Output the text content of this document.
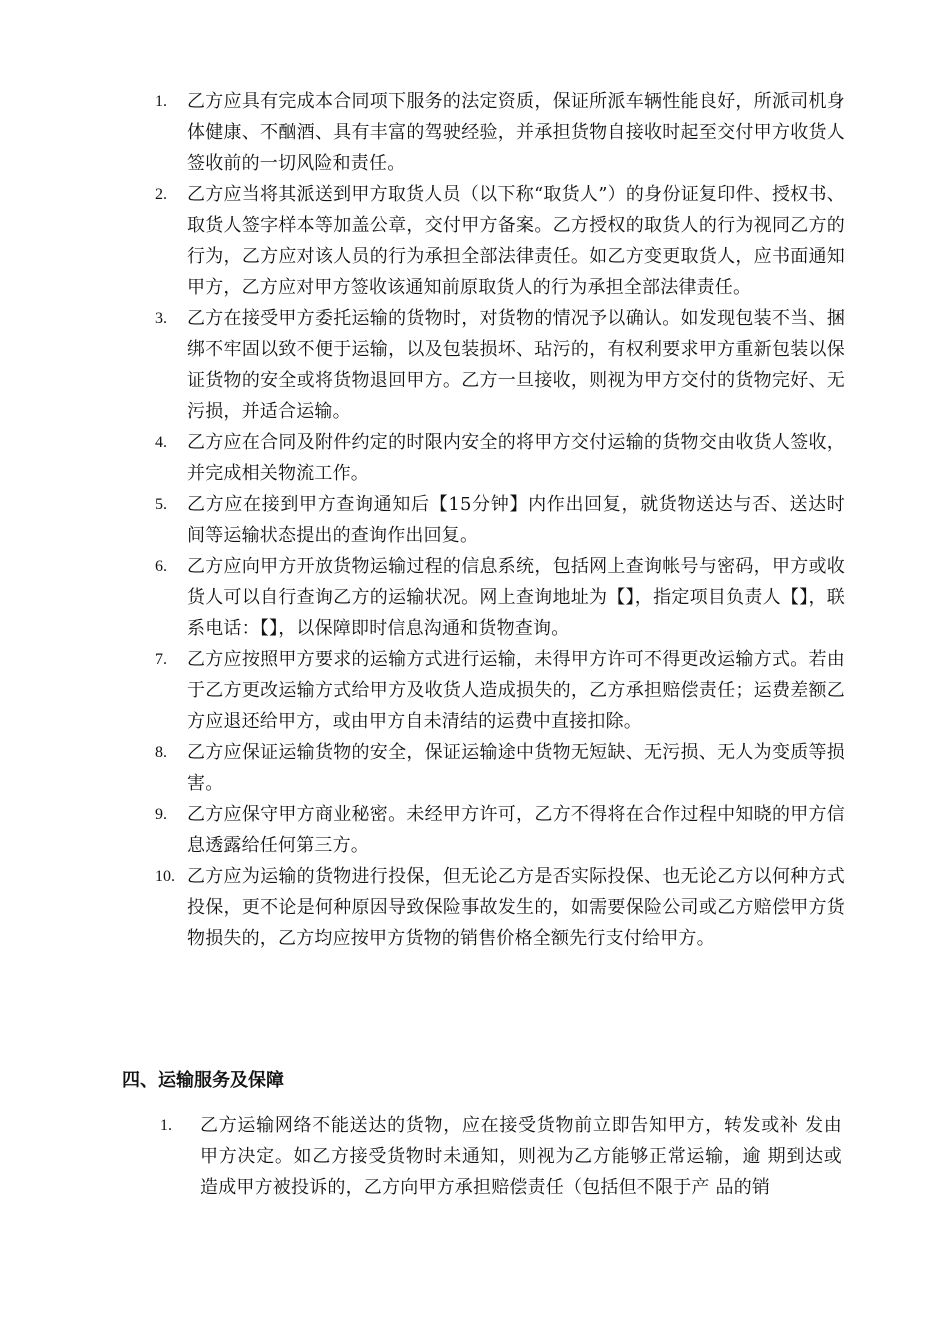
1.	乙方应具有完成本合同项下服务的法定资质，保证所派车辆性能良好，所派司机身体健康、不酗酒、具有丰富的驾驶经验，并承担货物自接收时起至交付甲方收货人签收前的一切风险和责任。
2.	乙方应当将其派送到甲方取货人员（以下称“取货人”）的身份证复印件、授权书、取货人签字样本等加盖公章，交付甲方备案。乙方授权的取货人的行为视同乙方的行为，乙方应对该人员的行为承担全部法律责任。如乙方变更取货人，应书面通知甲方，乙方应对甲方签收该通知前原取货人的行为承担全部法律责任。
3.	乙方在接受甲方委托运输的货物时，对货物的情况予以确认。如发现包装不当、捆绑不牢固以致不便于运输，以及包装损坏、玷污的，有权利要求甲方重新包装以保证货物的安全或将货物退回甲方。乙方一旦接收，则视为甲方交付的货物完好、无污损，并适合运输。
4.	乙方应在合同及附件约定的时限内安全的将甲方交付运输的货物交由收货人签收，并完成相关物流工作。
5.	乙方应在接到甲方查询通知后【15分钟】内作出回复，就货物送达与否、送达时间等运输状态提出的查询作出回复。
6.	乙方应向甲方开放货物运输过程的信息系统，包括网上查询帐号与密码，甲方或收货人可以自行查询乙方的运输状况。网上查询地址为【】，指定项目负责人【】，联系电话：【】，以保障即时信息沟通和货物查询。
7.	乙方应按照甲方要求的运输方式进行运输，未得甲方许可不得更改运输方式。若由于乙方更改运输方式给甲方及收货人造成损失的，乙方承担赔偿责任；运费差额乙方应退还给甲方，或由甲方自未清结的运费中直接扣除。
8.	乙方应保证运输货物的安全，保证运输途中货物无短缺、无污损、无人为变质等损害。
9.	乙方应保守甲方商业秘密。未经甲方许可，乙方不得将在合作过程中知晓的甲方信息透露给任何第三方。
10. 乙方应为运输的货物进行投保，但无论乙方是否实际投保、也无论乙方以何种方式投保，更不论是何种原因导致保险事故发生的，如需要保险公司或乙方赔偿甲方货物损失的，乙方均应按甲方货物的销售价格全额先行支付给甲方。
四、运输服务及保障
1.	乙方运输网络不能送达的货物，应在接受货物前立即告知甲方，转发或补 发由甲方决定。如乙方接受货物时未通知，则视为乙方能够正常运输，逾 期到达或造成甲方被投诉的，乙方向甲方承担赔偿责任（包括但不限于产 品的销
